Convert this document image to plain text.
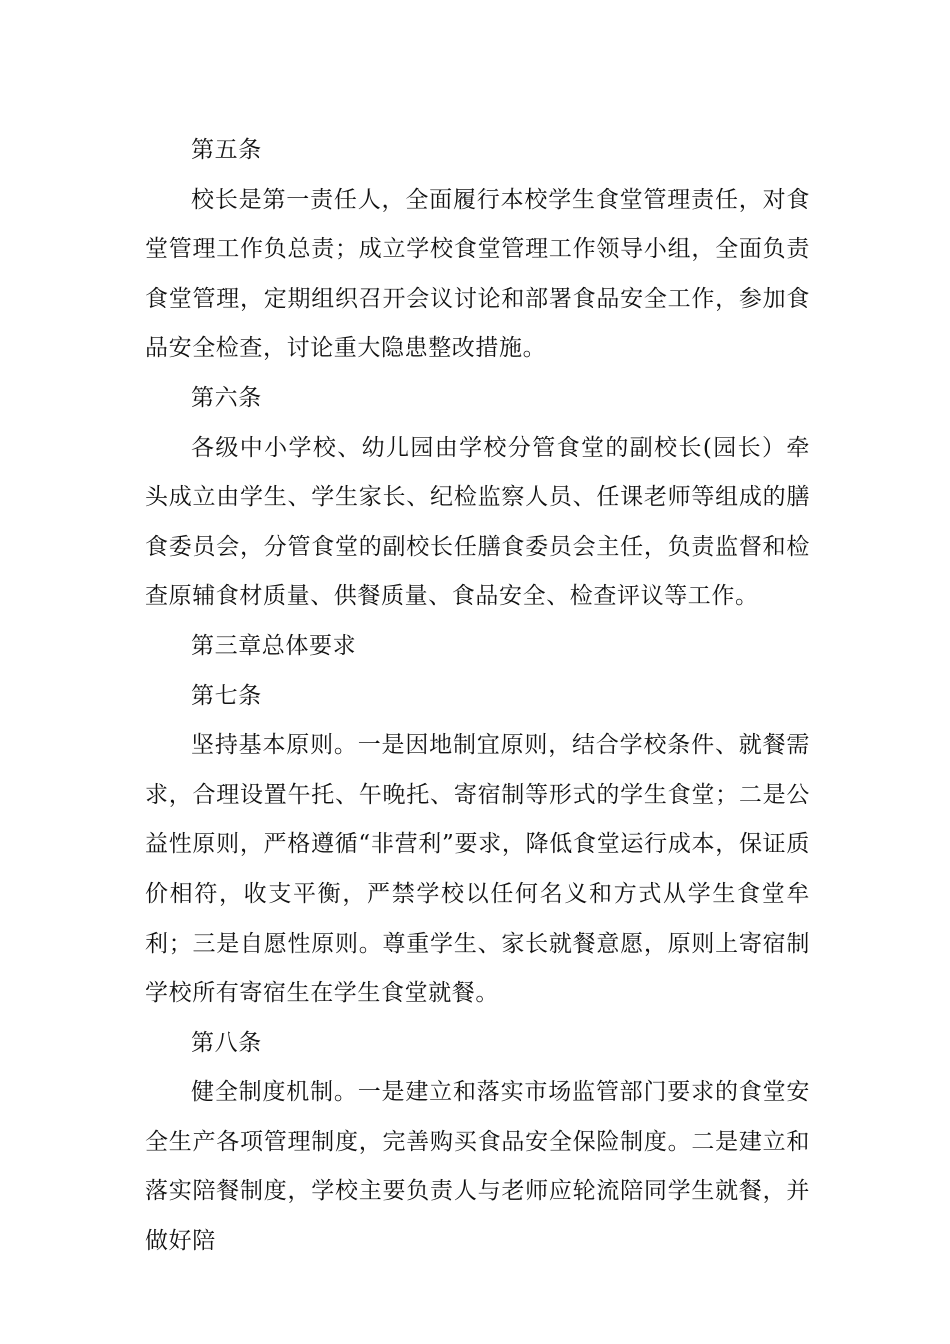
第五条

校长是第一责任人，全面履行本校学生食堂管理责任，对食堂管理工作负总责；成立学校食堂管理工作领导小组，全面负责食堂管理，定期组织召开会议讨论和部署食品安全工作，参加食品安全检查，讨论重大隐患整改措施。

第六条

各级中小学校、幼儿园由学校分管食堂的副校长(园长）牵头成立由学生、学生家长、纪检监察人员、任课老师等组成的膳食委员会，分管食堂的副校长任膳食委员会主任，负责监督和检查原辅食材质量、供餐质量、食品安全、检查评议等工作。

第三章总体要求

第七条

坚持基本原则。一是因地制宜原则，结合学校条件、就餐需求，合理设置午托、午晚托、寄宿制等形式的学生食堂；二是公益性原则，严格遵循“非营利”要求，降低食堂运行成本，保证质价相符，收支平衡，严禁学校以任何名义和方式从学生食堂牟利；三是自愿性原则。尊重学生、家长就餐意愿，原则上寄宿制学校所有寄宿生在学生食堂就餐。

第八条

健全制度机制。一是建立和落实市场监管部门要求的食堂安全生产各项管理制度，完善购买食品安全保险制度。二是建立和落实陪餐制度，学校主要负责人与老师应轮流陪同学生就餐，并做好陪
